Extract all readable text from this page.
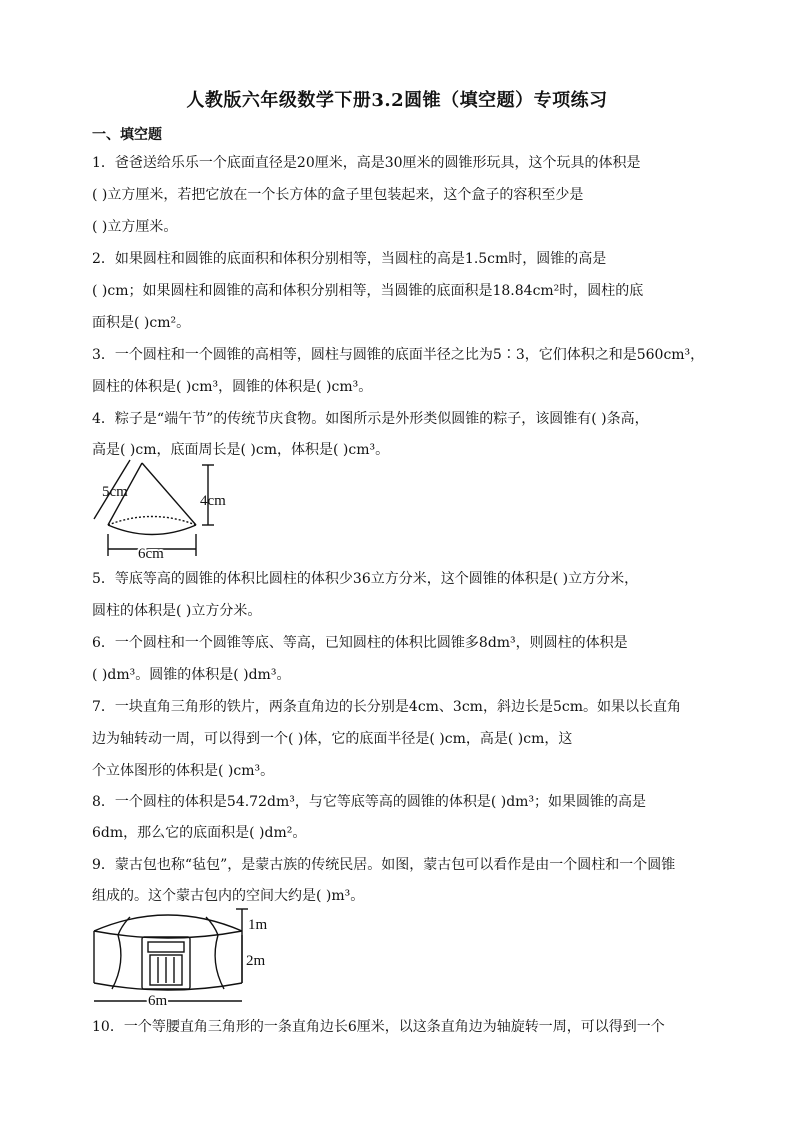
人教版六年级数学下册3.2圆锥（填空题）专项练习
一、填空题
1．爸爸送给乐乐一个底面直径是20厘米，高是30厘米的圆锥形玩具，这个玩具的体积是
( )立方厘米，若把它放在一个长方体的盒子里包装起来，这个盒子的容积至少是
( )立方厘米。
2．如果圆柱和圆锥的底面积和体积分别相等，当圆柱的高是1.5cm时，圆锥的高是
( )cm；如果圆柱和圆锥的高和体积分别相等，当圆锥的底面积是18.84cm²时，圆柱的底
面积是( )cm²。
3．一个圆柱和一个圆锥的高相等，圆柱与圆锥的底面半径之比为5∶3，它们体积之和是560cm³，
圆柱的体积是( )cm³，圆锥的体积是( )cm³。
4．粽子是“端午节”的传统节庆食物。如图所示是外形类似圆锥的粽子，该圆锥有( )条高，
高是( )cm，底面周长是( )cm，体积是( )cm³。
5cm
4cm
6cm
5．等底等高的圆锥的体积比圆柱的体积少36立方分米，这个圆锥的体积是( )立方分米，
圆柱的体积是( )立方分米。
6．一个圆柱和一个圆锥等底、等高，已知圆柱的体积比圆锥多8dm³，则圆柱的体积是
( )dm³。圆锥的体积是( )dm³。
7．一块直角三角形的铁片，两条直角边的长分别是4cm、3cm，斜边长是5cm。如果以长直角
边为轴转动一周，可以得到一个( )体，它的底面半径是( )cm，高是( )cm，这
个立体图形的体积是( )cm³。
8．一个圆柱的体积是54.72dm³，与它等底等高的圆锥的体积是( )dm³；如果圆锥的高是
6dm，那么它的底面积是( )dm²。
9．蒙古包也称“毡包”，是蒙古族的传统民居。如图，蒙古包可以看作是由一个圆柱和一个圆锥
组成的。这个蒙古包内的空间大约是( )m³。
1m
2m
6m
10．一个等腰直角三角形的一条直角边长6厘米，以这条直角边为轴旋转一周，可以得到一个
